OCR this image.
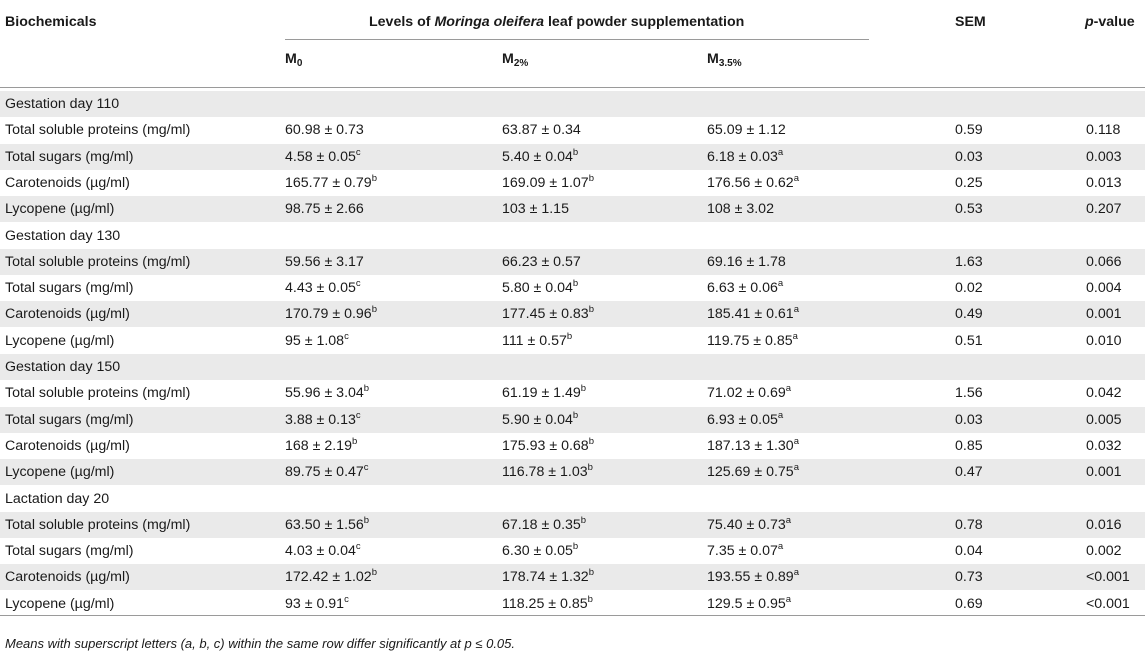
Biochemicals	Levels of Moringa oleifera leaf powder supplementation	SEM	p-value
$M_0$	$M_{2\%}$	$M_{3.5\%}$
Gestation day 110
Total soluble proteins (mg/ml)	60.98 ± 0.73	63.87 ± 0.34	65.09 ± 1.12	0.59	0.118
Total sugars (mg/ml)	4.58 ± 0.05$^c$	5.40 ± 0.04$^b$	6.18 ± 0.03$^a$	0.03	0.003
Carotenoids (µg/ml)	165.77 ± 0.79$^b$	169.09 ± 1.07$^b$	176.56 ± 0.62$^a$	0.25	0.013
Lycopene (µg/ml)	98.75 ± 2.66	103 ± 1.15	108 ± 3.02	0.53	0.207
Gestation day 130
Total soluble proteins (mg/ml)	59.56 ± 3.17	66.23 ± 0.57	69.16 ± 1.78	1.63	0.066
Total sugars (mg/ml)	4.43 ± 0.05$^c$	5.80 ± 0.04$^b$	6.63 ± 0.06$^a$	0.02	0.004
Carotenoids (µg/ml)	170.79 ± 0.96$^b$	177.45 ± 0.83$^b$	185.41 ± 0.61$^a$	0.49	0.001
Lycopene (µg/ml)	95 ± 1.08$^c$	111 ± 0.57$^b$	119.75 ± 0.85$^a$	0.51	0.010
Gestation day 150
Total soluble proteins (mg/ml)	55.96 ± 3.04$^b$	61.19 ± 1.49$^b$	71.02 ± 0.69$^a$	1.56	0.042
Total sugars (mg/ml)	3.88 ± 0.13$^c$	5.90 ± 0.04$^b$	6.93 ± 0.05$^a$	0.03	0.005
Carotenoids (µg/ml)	168 ± 2.19$^b$	175.93 ± 0.68$^b$	187.13 ± 1.30$^a$	0.85	0.032
Lycopene (µg/ml)	89.75 ± 0.47$^c$	116.78 ± 1.03$^b$	125.69 ± 0.75$^a$	0.47	0.001
Lactation day 20
Total soluble proteins (mg/ml)	63.50 ± 1.56$^b$	67.18 ± 0.35$^b$	75.40 ± 0.73$^a$	0.78	0.016
Total sugars (mg/ml)	4.03 ± 0.04$^c$	6.30 ± 0.05$^b$	7.35 ± 0.07$^a$	0.04	0.002
Carotenoids (µg/ml)	172.42 ± 1.02$^b$	178.74 ± 1.32$^b$	193.55 ± 0.89$^a$	0.73	<0.001
Lycopene (µg/ml)	93 ± 0.91$^c$	118.25 ± 0.85$^b$	129.5 ± 0.95$^a$	0.69	<0.001
Means with superscript letters (a, b, c) within the same row differ significantly at p ≤ 0.05.
